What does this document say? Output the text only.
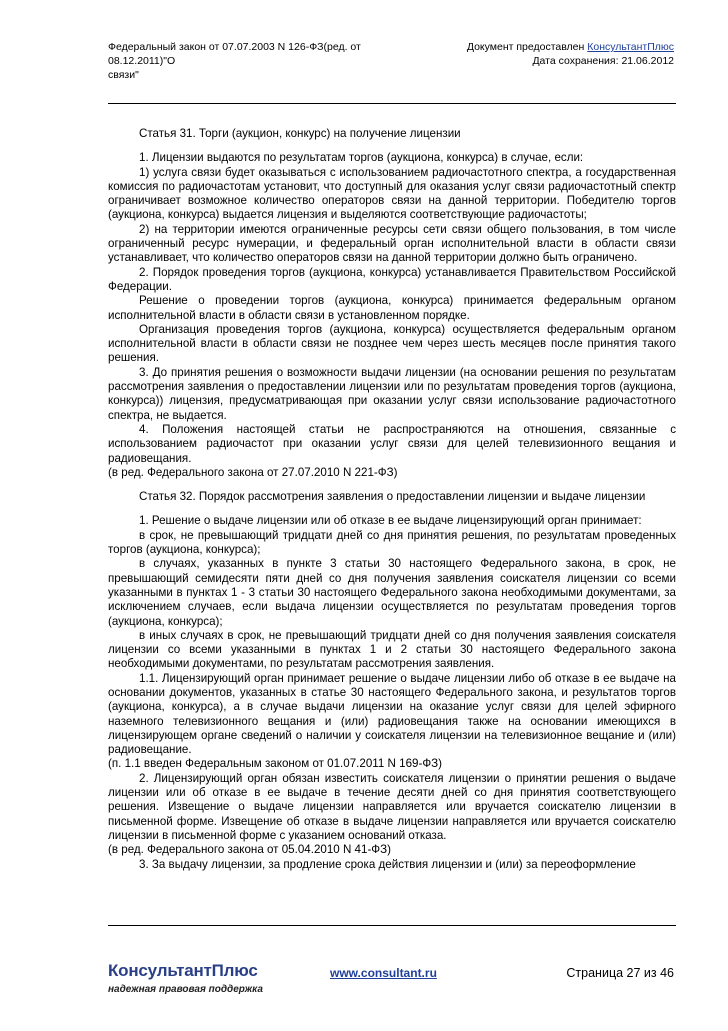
Федеральный закон от 07.07.2003 N 126-ФЗ(ред. от 08.12.2011)"О
связи"
Документ предоставлен КонсультантПлюс
Дата сохранения: 21.06.2012

Статья 31. Торги (аукцион, конкурс) на получение лицензии

1. Лицензии выдаются по результатам торгов (аукциона, конкурса) в случае, если:

1) услуга связи будет оказываться с использованием радиочастотного спектра, а государственная комиссия по радиочастотам установит, что доступный для оказания услуг связи радиочастотный спектр ограничивает возможное количество операторов связи на данной территории. Победителю торгов (аукциона, конкурса) выдается лицензия и выделяются соответствующие радиочастоты;

2) на территории имеются ограниченные ресурсы сети связи общего пользования, в том числе ограниченный ресурс нумерации, и федеральный орган исполнительной власти в области связи устанавливает, что количество операторов связи на данной территории должно быть ограничено.

2. Порядок проведения торгов (аукциона, конкурса) устанавливается Правительством Российской Федерации.

Решение о проведении торгов (аукциона, конкурса) принимается федеральным органом исполнительной власти в области связи в установленном порядке.

Организация проведения торгов (аукциона, конкурса) осуществляется федеральным органом исполнительной власти в области связи не позднее чем через шесть месяцев после принятия такого решения.

3. До принятия решения о возможности выдачи лицензии (на основании решения по результатам рассмотрения заявления о предоставлении лицензии или по результатам проведения торгов (аукциона, конкурса)) лицензия, предусматривающая при оказании услуг связи использование радиочастотного спектра, не выдается.

4. Положения настоящей статьи не распространяются на отношения, связанные с использованием радиочастот при оказании услуг связи для целей телевизионного вещания и радиовещания.

(в ред. Федерального закона от 27.07.2010 N 221-ФЗ)

Статья 32. Порядок рассмотрения заявления о предоставлении лицензии и выдаче лицензии

1. Решение о выдаче лицензии или об отказе в ее выдаче лицензирующий орган принимает:

в срок, не превышающий тридцати дней со дня принятия решения, по результатам проведенных торгов (аукциона, конкурса);

в случаях, указанных в пункте 3 статьи 30 настоящего Федерального закона, в срок, не превышающий семидесяти пяти дней со дня получения заявления соискателя лицензии со всеми указанными в пунктах 1 - 3 статьи 30 настоящего Федерального закона необходимыми документами, за исключением случаев, если выдача лицензии осуществляется по результатам проведения торгов (аукциона, конкурса);

в иных случаях в срок, не превышающий тридцати дней со дня получения заявления соискателя лицензии со всеми указанными в пунктах 1 и 2 статьи 30 настоящего Федерального закона необходимыми документами, по результатам рассмотрения заявления.

1.1. Лицензирующий орган принимает решение о выдаче лицензии либо об отказе в ее выдаче на основании документов, указанных в статье 30 настоящего Федерального закона, и результатов торгов (аукциона, конкурса), а в случае выдачи лицензии на оказание услуг связи для целей эфирного наземного телевизионного вещания и (или) радиовещания также на основании имеющихся в лицензирующем органе сведений о наличии у соискателя лицензии на телевизионное вещание и (или) радиовещание.

(п. 1.1 введен Федеральным законом от 01.07.2011 N 169-ФЗ)

2. Лицензирующий орган обязан известить соискателя лицензии о принятии решения о выдаче лицензии или об отказе в ее выдаче в течение десяти дней со дня принятия соответствующего решения. Извещение о выдаче лицензии направляется или вручается соискателю лицензии в письменной форме. Извещение об отказе в выдаче лицензии направляется или вручается соискателю лицензии в письменной форме с указанием оснований отказа.

(в ред. Федерального закона от 05.04.2010 N 41-ФЗ)

3. За выдачу лицензии, за продление срока действия лицензии и (или) за переоформление

КонсультантПлюс
надежная правовая поддержка
www.consultant.ru	Страница 27 из 46
